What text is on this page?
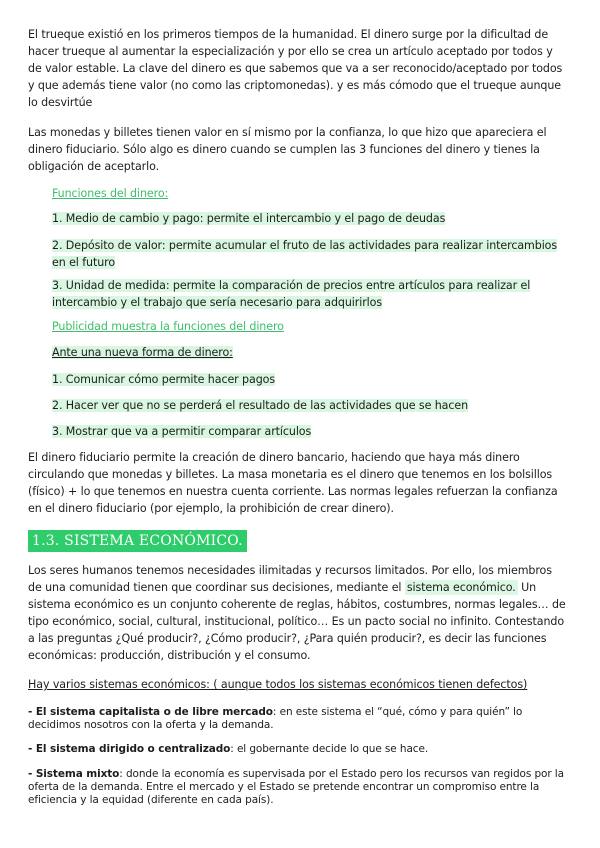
El trueque existió en los primeros tiempos de la humanidad. El dinero surge por la dificultad de hacer trueque al aumentar la especialización y por ello se crea un artículo aceptado por todos y de valor estable. La clave del dinero es que sabemos que va a ser reconocido/aceptado por todos y que además tiene valor (no como las criptomonedas). y es más cómodo que el trueque aunque lo desvirtúe

Las monedas y billetes tienen valor en sí mismo por la confianza, lo que hizo que apareciera el dinero fiduciario. Sólo algo es dinero cuando se cumplen las 3 funciones del dinero y tienes la obligación de aceptarlo.

Funciones del dinero:

1. Medio de cambio y pago: permite el intercambio y el pago de deudas

2. Depósito de valor: permite acumular el fruto de las actividades para realizar intercambios en el futuro

3. Unidad de medida: permite la comparación de precios entre artículos para realizar el intercambio y el trabajo que sería necesario para adquirirlos

Publicidad muestra la funciones del dinero

Ante una nueva forma de dinero:

1. Comunicar cómo permite hacer pagos

2. Hacer ver que no se perderá el resultado de las actividades que se hacen

3. Mostrar que va a permitir comparar artículos

El dinero fiduciario permite la creación de dinero bancario, haciendo que haya más dinero circulando que monedas y billetes. La masa monetaria es el dinero que tenemos en los bolsillos (físico) + lo que tenemos en nuestra cuenta corriente. Las normas legales refuerzan la confianza en el dinero fiduciario (por ejemplo, la prohibición de crear dinero).

1.3. SISTEMA ECONÓMICO.

Los seres humanos tenemos necesidades ilimitadas y recursos limitados. Por ello, los miembros de una comunidad tienen que coordinar sus decisiones, mediante el sistema económico. Un sistema económico es un conjunto coherente de reglas, hábitos, costumbres, normas legales… de tipo económico, social, cultural, institucional, político… Es un pacto social no infinito. Contestando a las preguntas ¿Qué producir?, ¿Cómo producir?, ¿Para quién producir?, es decir las funciones económicas: producción, distribución y el consumo.

Hay varios sistemas económicos: ( aunque todos los sistemas económicos tienen defectos)

- El sistema capitalista o de libre mercado: en este sistema el “qué, cómo y para quién” lo decidimos nosotros con la oferta y la demanda.

- El sistema dirigido o centralizado: el gobernante decide lo que se hace.

- Sistema mixto: donde la economía es supervisada por el Estado pero los recursos van regidos por la oferta de la demanda. Entre el mercado y el Estado se pretende encontrar un compromiso entre la eficiencia y la equidad (diferente en cada país).
